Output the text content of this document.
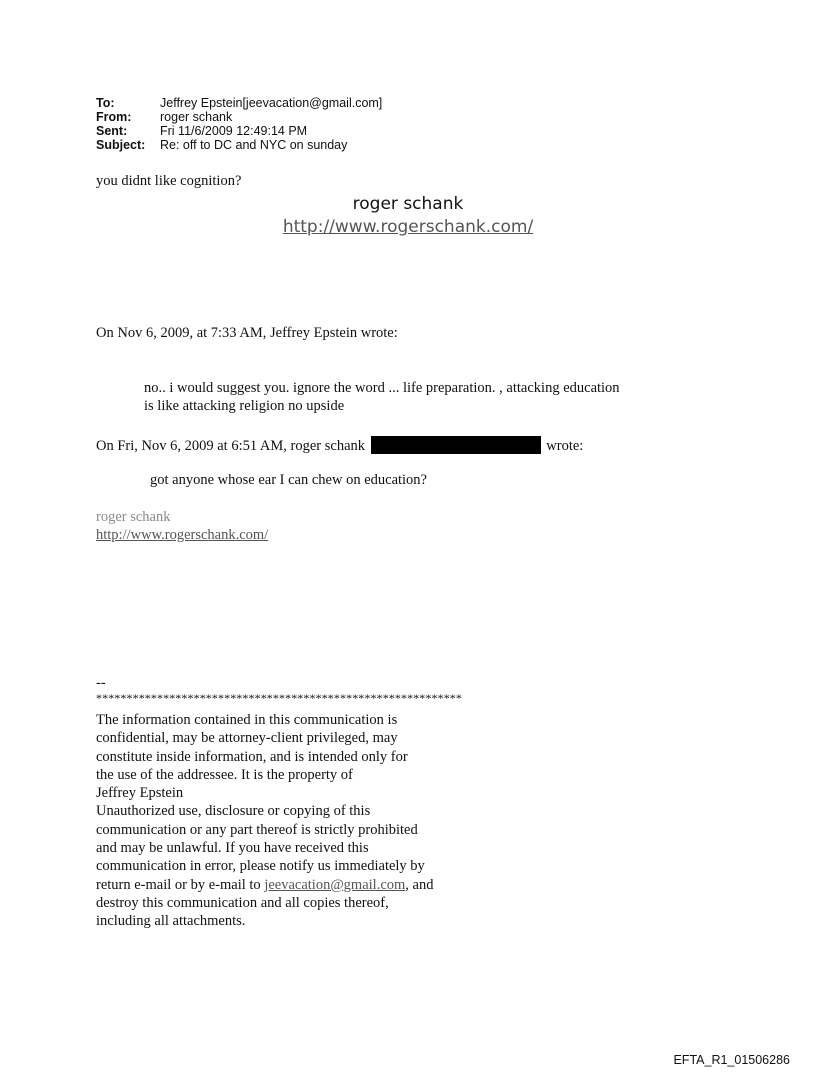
To:	Jeffrey Epstein[jeevacation@gmail.com]
From:	roger schank
Sent:	Fri 11/6/2009 12:49:14 PM
Subject:	Re: off to DC and NYC on sunday
you didnt like cognition?
roger schank
http://www.rogerschank.com/
On Nov 6, 2009, at 7:33 AM, Jeffrey Epstein wrote:
no.. i would suggest you. ignore the word ... life preparation. , attacking education
is like attacking religion no upside
On Fri, Nov 6, 2009 at 6:51 AM, roger schank	wrote:
got anyone whose ear I can chew on education?
roger schank
http://www.rogerschank.com/
--
************************************************************
The information contained in this communication is
confidential, may be attorney-client privileged, may
constitute inside information, and is intended only for
the use of the addressee. It is the property of
Jeffrey Epstein
Unauthorized use, disclosure or copying of this
communication or any part thereof is strictly prohibited
and may be unlawful. If you have received this
communication in error, please notify us immediately by
return e-mail or by e-mail to jeevacation@gmail.com, and
destroy this communication and all copies thereof,
including all attachments.
EFTA_R1_01506286
